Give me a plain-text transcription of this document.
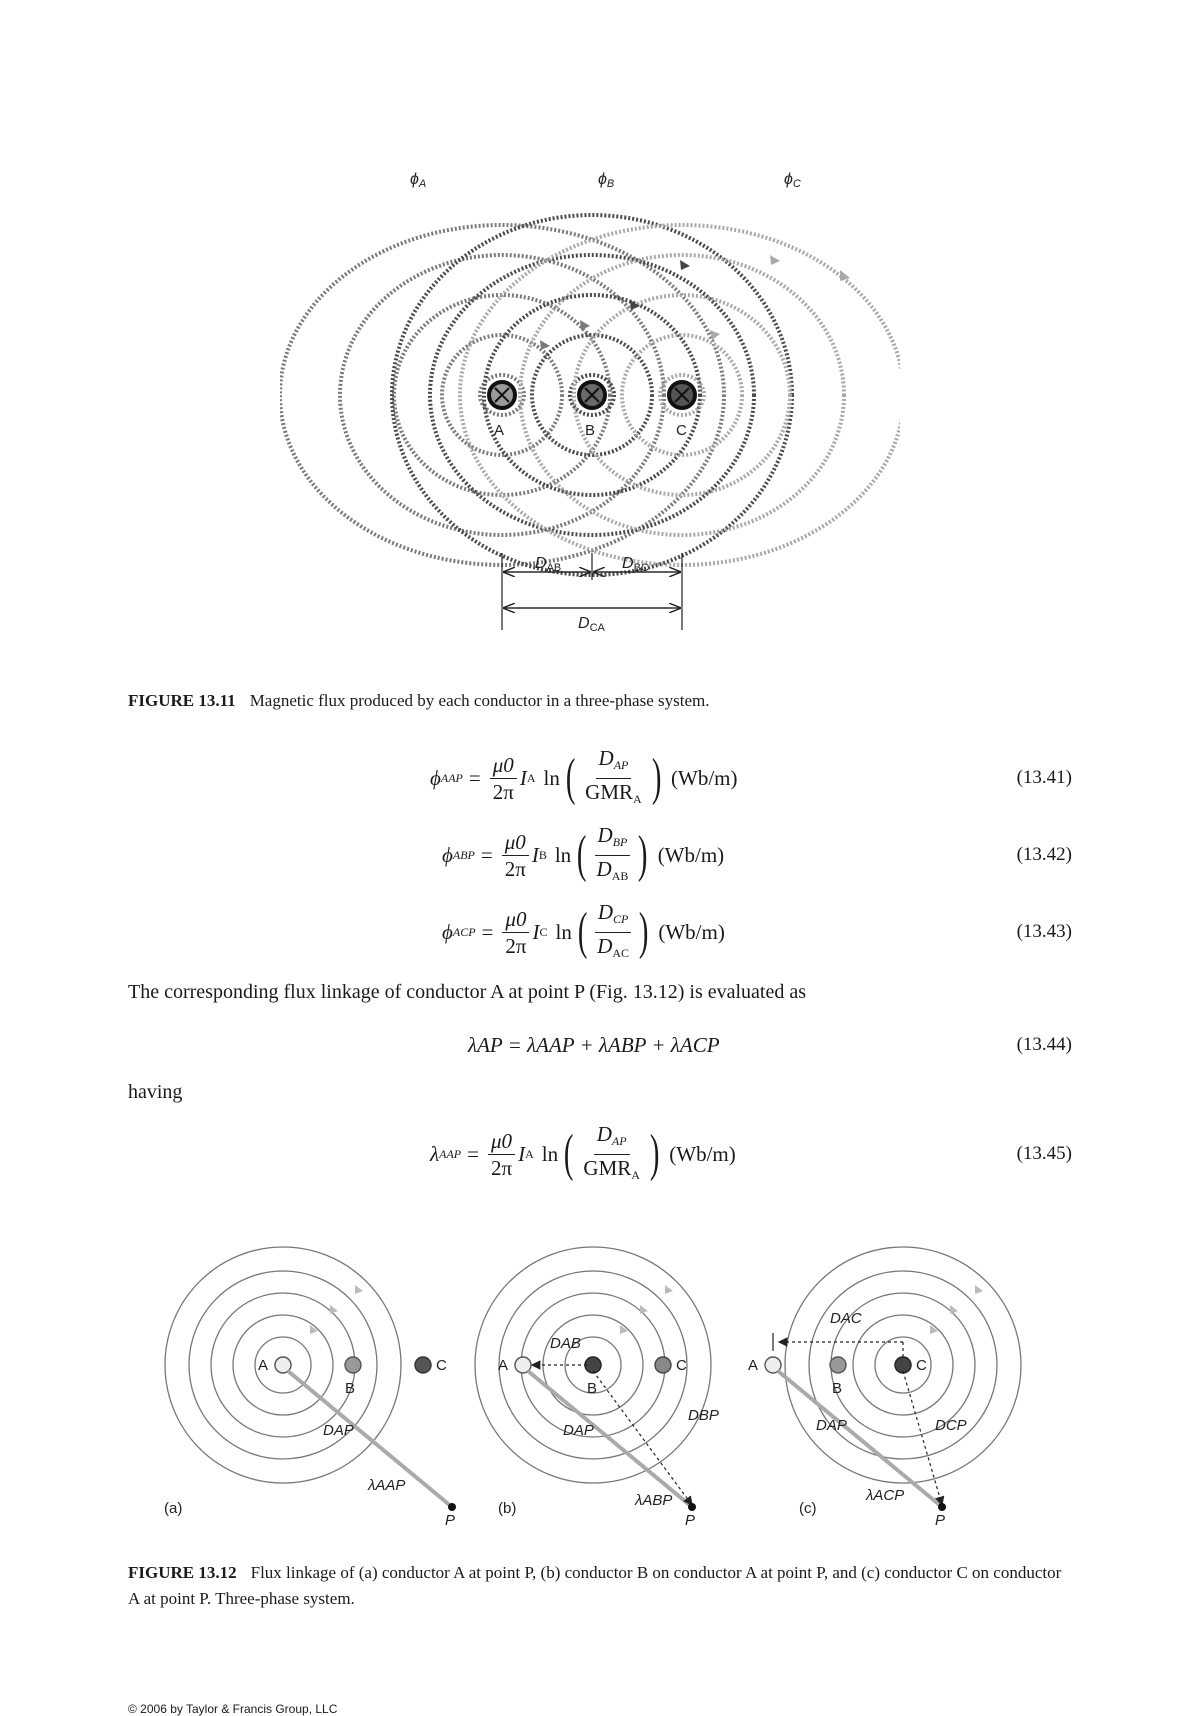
ϕA	ϕB	ϕC
A	B	C
DAB	DBC
DCA
FIGURE 13.11 Magnetic flux produced by each conductor in a three-phase system.
ϕ AAP = $\frac{\mu 0}{2\pi}$ I A ln ( $\frac{D_{AP}}{GMR_A}$ ) (Wb/m)	(13.41)
ϕ ABP = $\frac{\mu 0}{2\pi}$ I B ln ( $\frac{D_{BP}}{D_{AB}}$ ) (Wb/m)	(13.42)
ϕ ACP = $\frac{\mu 0}{2\pi}$ I C ln ( $\frac{D_{CP}}{D_{AC}}$ ) (Wb/m)	(13.43)
The corresponding flux linkage of conductor A at point P (Fig. 13.12) is evaluated as
λAP = λAAP + λABP + λACP	(13.44)
having
λ AAP = $\frac{\mu 0}{2\pi}$ I A ln ( $\frac{D_{AP}}{GMR_A}$ ) (Wb/m)	(13.45)
A
B
C
DAP
λAAP
(a)
P
A
B
C
DAB
DAP
DBP
λABP
(b)
P
A
B
C
DAC
DAP	DCP
λACP
(c)
P
FIGURE 13.12 Flux linkage of (a) conductor A at point P, (b) conductor B on conductor A at point P, and (c) conductor C on conductor A at point P. Three-phase system.
© 2006 by Taylor & Francis Group, LLC
